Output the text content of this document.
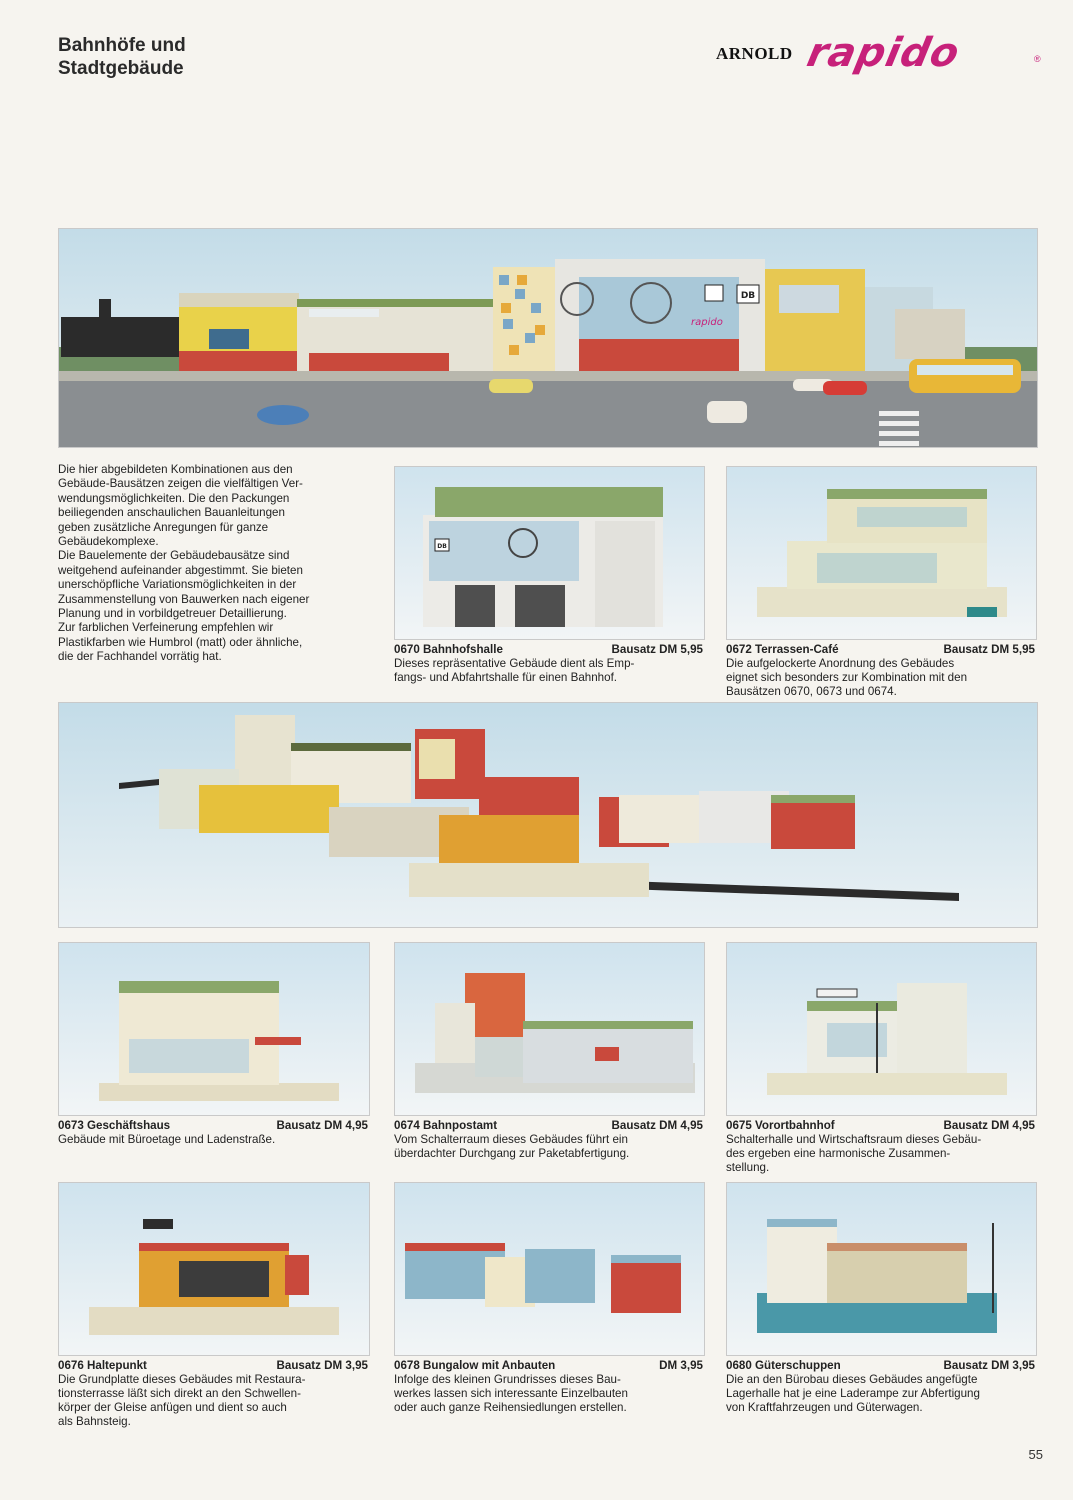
Bahnhöfe und
Stadtgebäude
ARNOLD rapido	®
DB
rapido
Die hier abgebildeten Kombinationen aus den
Gebäude-Bausätzen zeigen die vielfältigen Ver-
wendungsmöglichkeiten. Die den Packungen
beiliegenden anschaulichen Bauanleitungen
geben zusätzliche Anregungen für ganze
Gebäudekomplexe.
Die Bauelemente der Gebäudebausätze sind
weitgehend aufeinander abgestimmt. Sie bieten
unerschöpfliche Variationsmöglichkeiten in der
Zusammenstellung von Bauwerken nach eigener
Planung und in vorbildgetreuer Detaillierung.
Zur farblichen Verfeinerung empfehlen wir
Plastikfarben wie Humbrol (matt) oder ähnliche,
die der Fachhandel vorrätig hat.
DB
0670 Bahnhofshalle	Bausatz DM 5,95
Dieses repräsentative Gebäude dient als Emp-
fangs- und Abfahrtshalle für einen Bahnhof.
0672 Terrassen-Café	Bausatz DM 5,95
Die aufgelockerte Anordnung des Gebäudes
eignet sich besonders zur Kombination mit den
Bausätzen 0670, 0673 und 0674.
0673 Geschäftshaus	Bausatz DM 4,95
Gebäude mit Büroetage und Ladenstraße.
0674 Bahnpostamt	Bausatz DM 4,95
Vom Schalterraum dieses Gebäudes führt ein
überdachter Durchgang zur Paketabfertigung.
0675 Vorortbahnhof	Bausatz DM 4,95
Schalterhalle und Wirtschaftsraum dieses Gebäu-
des ergeben eine harmonische Zusammen-
stellung.
0676 Haltepunkt	Bausatz DM 3,95
Die Grundplatte dieses Gebäudes mit Restaura-
tionsterrasse läßt sich direkt an den Schwellen-
körper der Gleise anfügen und dient so auch
als Bahnsteig.
0678 Bungalow mit Anbauten	DM 3,95
Infolge des kleinen Grundrisses dieses Bau-
werkes lassen sich interessante Einzelbauten
oder auch ganze Reihensiedlungen erstellen.
0680 Güterschuppen	Bausatz DM 3,95
Die an den Bürobau dieses Gebäudes angefügte
Lagerhalle hat je eine Laderampe zur Abfertigung
von Kraftfahrzeugen und Güterwagen.
55
